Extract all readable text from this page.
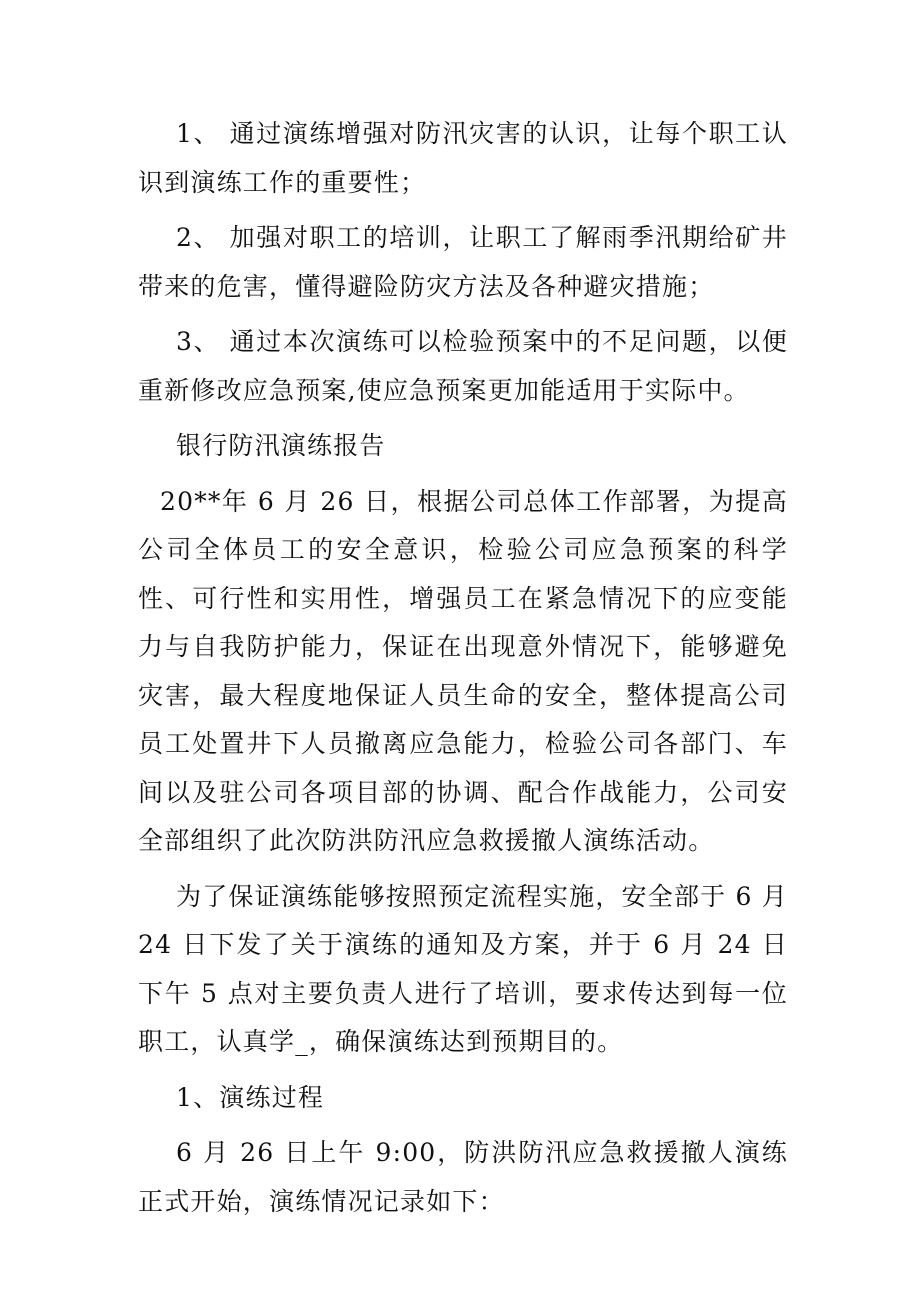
1、 通过演练增强对防汛灾害的认识，让每个职工认识到演练工作的重要性；

2、 加强对职工的培训，让职工了解雨季汛期给矿井带来的危害，懂得避险防灾方法及各种避灾措施；

3、 通过本次演练可以检验预案中的不足问题，以便重新修改应急预案,使应急预案更加能适用于实际中。

银行防汛演练报告

20**年 6 月 26 日，根据公司总体工作部署，为提高公司全体员工的安全意识，检验公司应急预案的科学性、可行性和实用性，增强员工在紧急情况下的应变能力与自我防护能力，保证在出现意外情况下，能够避免灾害，最大程度地保证人员生命的安全，整体提高公司员工处置井下人员撤离应急能力，检验公司各部门、车间以及驻公司各项目部的协调、配合作战能力，公司安全部组织了此次防洪防汛应急救援撤人演练活动。

为了保证演练能够按照预定流程实施，安全部于 6 月 24 日下发了关于演练的通知及方案，并于 6 月 24 日下午 5 点对主要负责人进行了培训，要求传达到每一位职工，认真学_，确保演练达到预期目的。

1、演练过程

6 月 26 日上午 9:00，防洪防汛应急救援撤人演练正式开始，演练情况记录如下：
